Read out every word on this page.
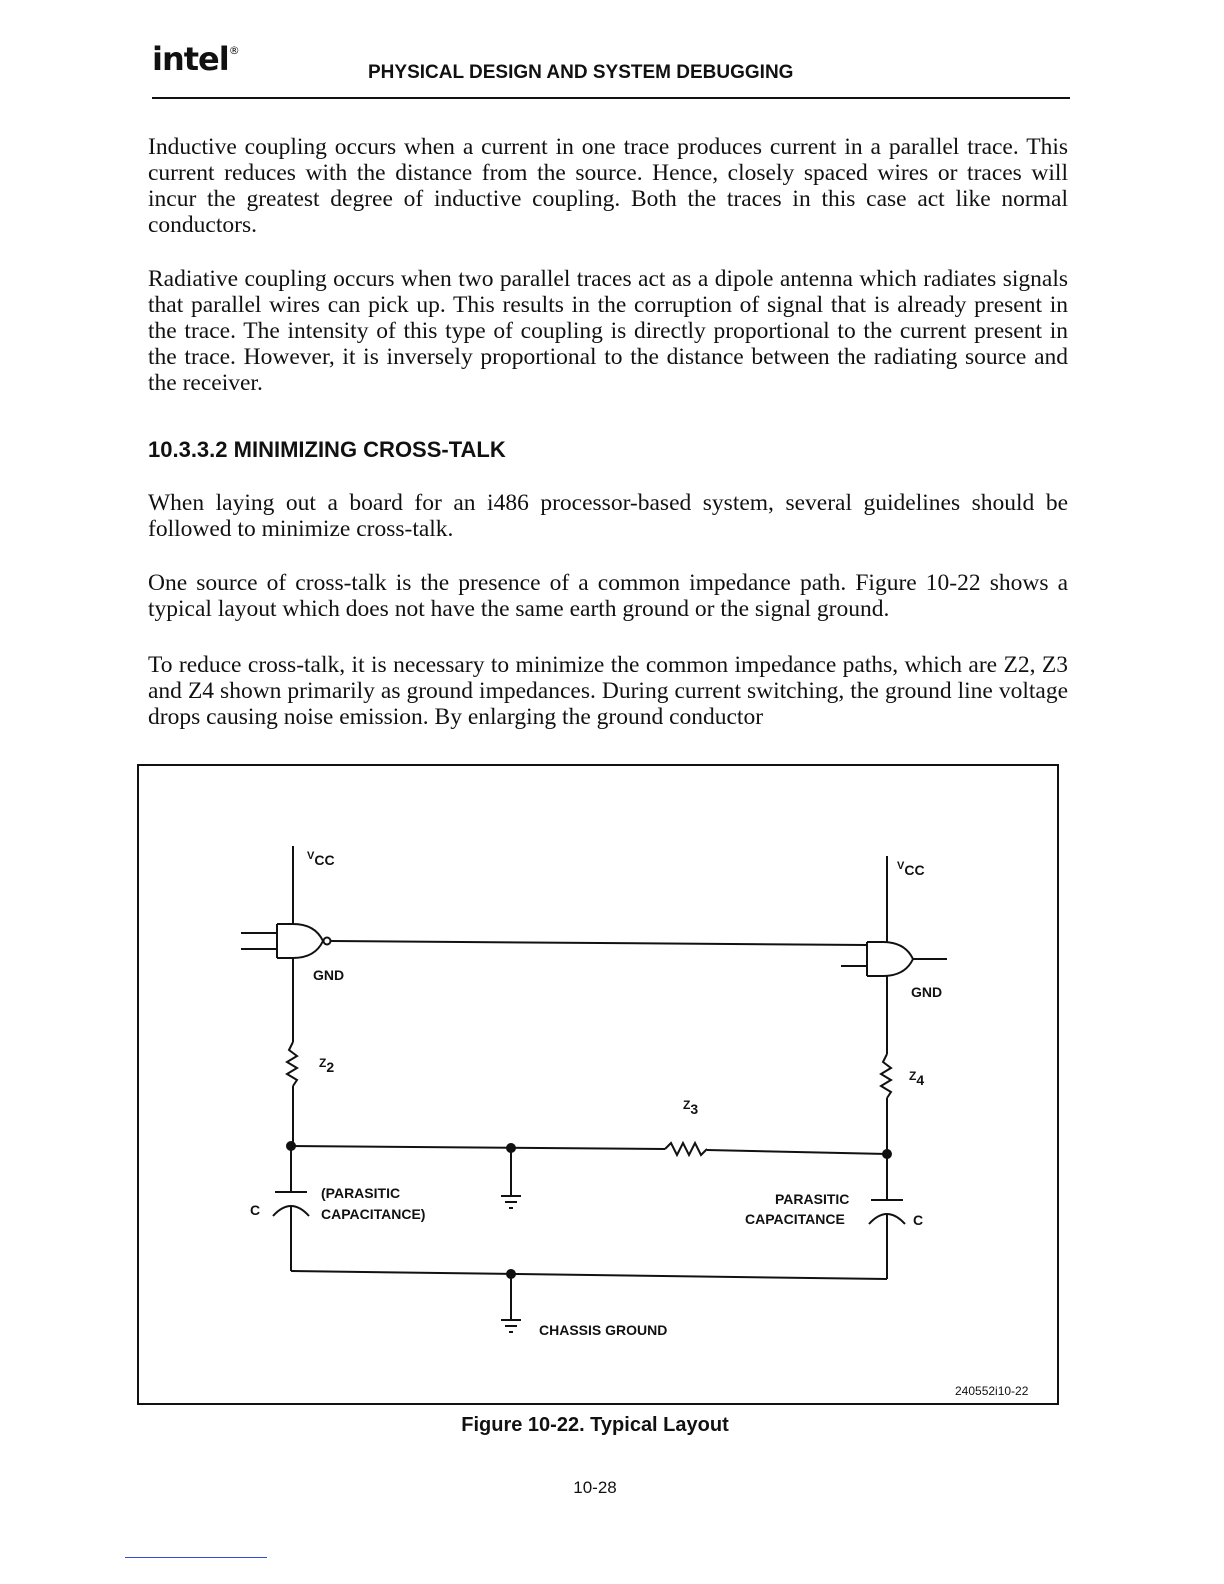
intel®
PHYSICAL DESIGN AND SYSTEM DEBUGGING
Inductive coupling occurs when a current in one trace produces current in a parallel trace. This current reduces with the distance from the source. Hence, closely spaced wires or traces will incur the greatest degree of inductive coupling. Both the traces in this case act like normal conductors.
Radiative coupling occurs when two parallel traces act as a dipole antenna which radiates signals that parallel wires can pick up. This results in the corruption of signal that is already present in the trace. The intensity of this type of coupling is directly proportional to the current present in the trace. However, it is inversely proportional to the distance between the radiating source and the receiver.
10.3.3.2 MINIMIZING CROSS-TALK
When laying out a board for an i486 processor-based system, several guidelines should be followed to minimize cross-talk.
One source of cross-talk is the presence of a common impedance path. Figure 10-22 shows a typical layout which does not have the same earth ground or the signal ground.
To reduce cross-talk, it is necessary to minimize the common impedance paths, which are Z2, Z3 and Z4 shown primarily as ground impedances. During current switching, the ground line voltage drops causing noise emission. By enlarging the ground conductor
$^V$CC	$^V$CC
GND
GND
Z2
Z3
Z4
C
C
(PARASITIC
CAPACITANCE)
PARASITIC
CAPACITANCE
CHASSIS GROUND
240552i10-22
Figure 10-22. Typical Layout
10-28
